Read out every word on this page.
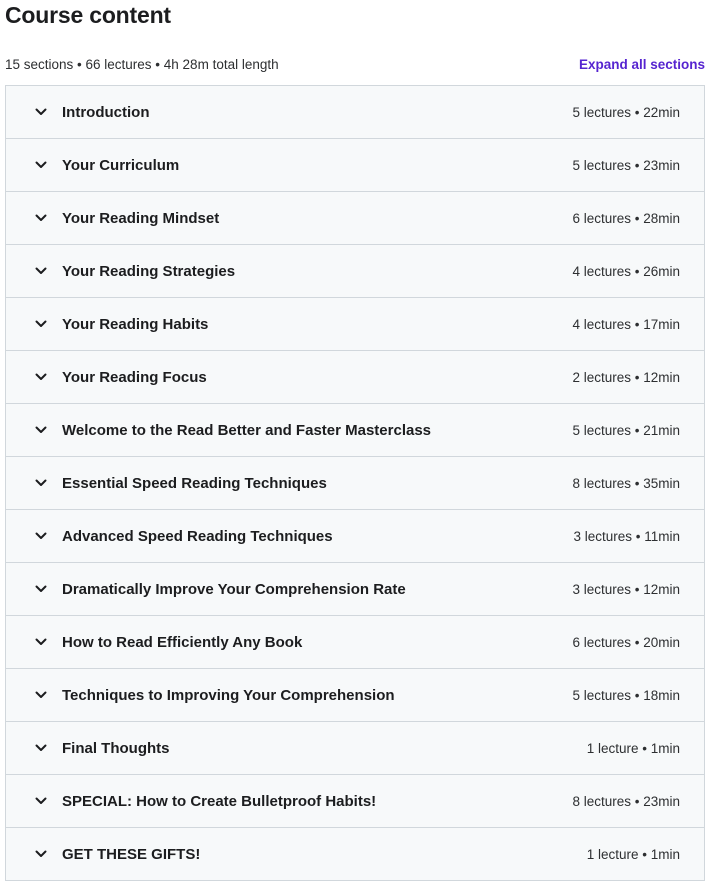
Course content
15 sections • 66 lectures • 4h 28m total length	Expand all sections
Introduction	5 lectures • 22min
Your Curriculum	5 lectures • 23min
Your Reading Mindset	6 lectures • 28min
Your Reading Strategies	4 lectures • 26min
Your Reading Habits	4 lectures • 17min
Your Reading Focus	2 lectures • 12min
Welcome to the Read Better and Faster Masterclass	5 lectures • 21min
Essential Speed Reading Techniques	8 lectures • 35min
Advanced Speed Reading Techniques	3 lectures • 11min
Dramatically Improve Your Comprehension Rate	3 lectures • 12min
How to Read Efficiently Any Book	6 lectures • 20min
Techniques to Improving Your Comprehension	5 lectures • 18min
Final Thoughts	1 lecture • 1min
SPECIAL: How to Create Bulletproof Habits!	8 lectures • 23min
GET THESE GIFTS!	1 lecture • 1min
